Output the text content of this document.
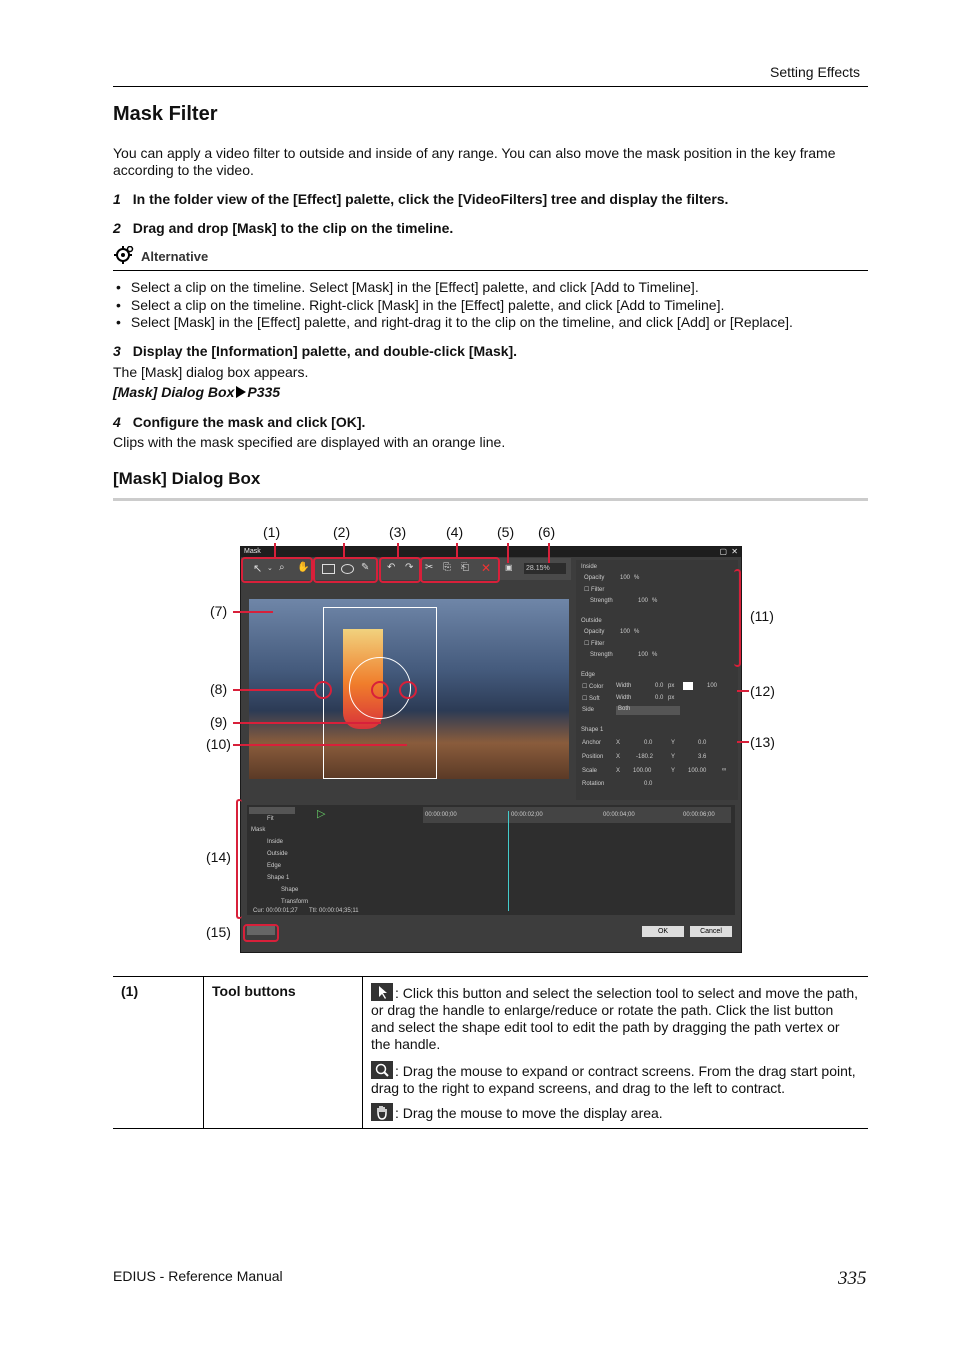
Setting Effects
Mask Filter
You can apply a video filter to outside and inside of any range. You can also move the mask position in the key frame according to the video.
1 In the folder view of the [Effect] palette, click the [VideoFilters] tree and display the filters.
2 Drag and drop [Mask] to the clip on the timeline.
Alternative
• Select a clip on the timeline. Select [Mask] in the [Effect] palette, and click [Add to Timeline].
• Select a clip on the timeline. Right-click [Mask] in the [Effect] palette, and click [Add to Timeline].
• Select [Mask] in the [Effect] palette, and right-drag it to the clip on the timeline, and click [Add] or [Replace].
3 Display the [Information] palette, and double-click [Mask].
The [Mask] dialog box appears.
[Mask] Dialog Box P335
4 Configure the mask and click [OK].
Clips with the mask specified are displayed with an orange line.
[Mask] Dialog Box
Mask	▢ ✕
↖ ⌄ ⌕ ✋	✎ ↶ ↷ ✂ ⎘ ⎗ ✕ ▣ 28.15%	Inside
Opacity	100 %
☐ Filter
Strength	100 %
Outside
Opacity	100 %
☐ Filter
Strength	100 %
Edge
☐ Color Width	0.0 px	100
☐ Soft	Width	0.0 px
Side	Both
Shape 1
Anchor X	0.0	Y	0.0
Position X	-180.2	Y	3.6
Scale	X 100.00	Y 100.00	∞
Rotation	0.0
Fit	▷	00:00:00;00	00:00:02;00	00:00:04;00	00:00:06;00
Mask
Inside
Outside
Edge
Shape 1
Shape
Transform
Cur: 00:00:01;27 Ttl: 00:00:04;35;11
OK	Cancel
(1)	(2)	(3)	(4) (5) (6)
(7)
(8)
(9)
(10)
(11)
(12)
(13)
(14)
(15)
(1)	Tool buttons	: Click this button and select the selection tool to select and move the path, or drag the handle to enlarge/reduce or rotate the path. Click the list button and select the shape edit tool to edit the path by dragging the path vertex or the handle.
: Drag the mouse to expand or contract screens. From the drag start point, drag to the right to expand screens, and drag to the left to contract.
: Drag the mouse to move the display area.
EDIUS - Reference Manual	335
